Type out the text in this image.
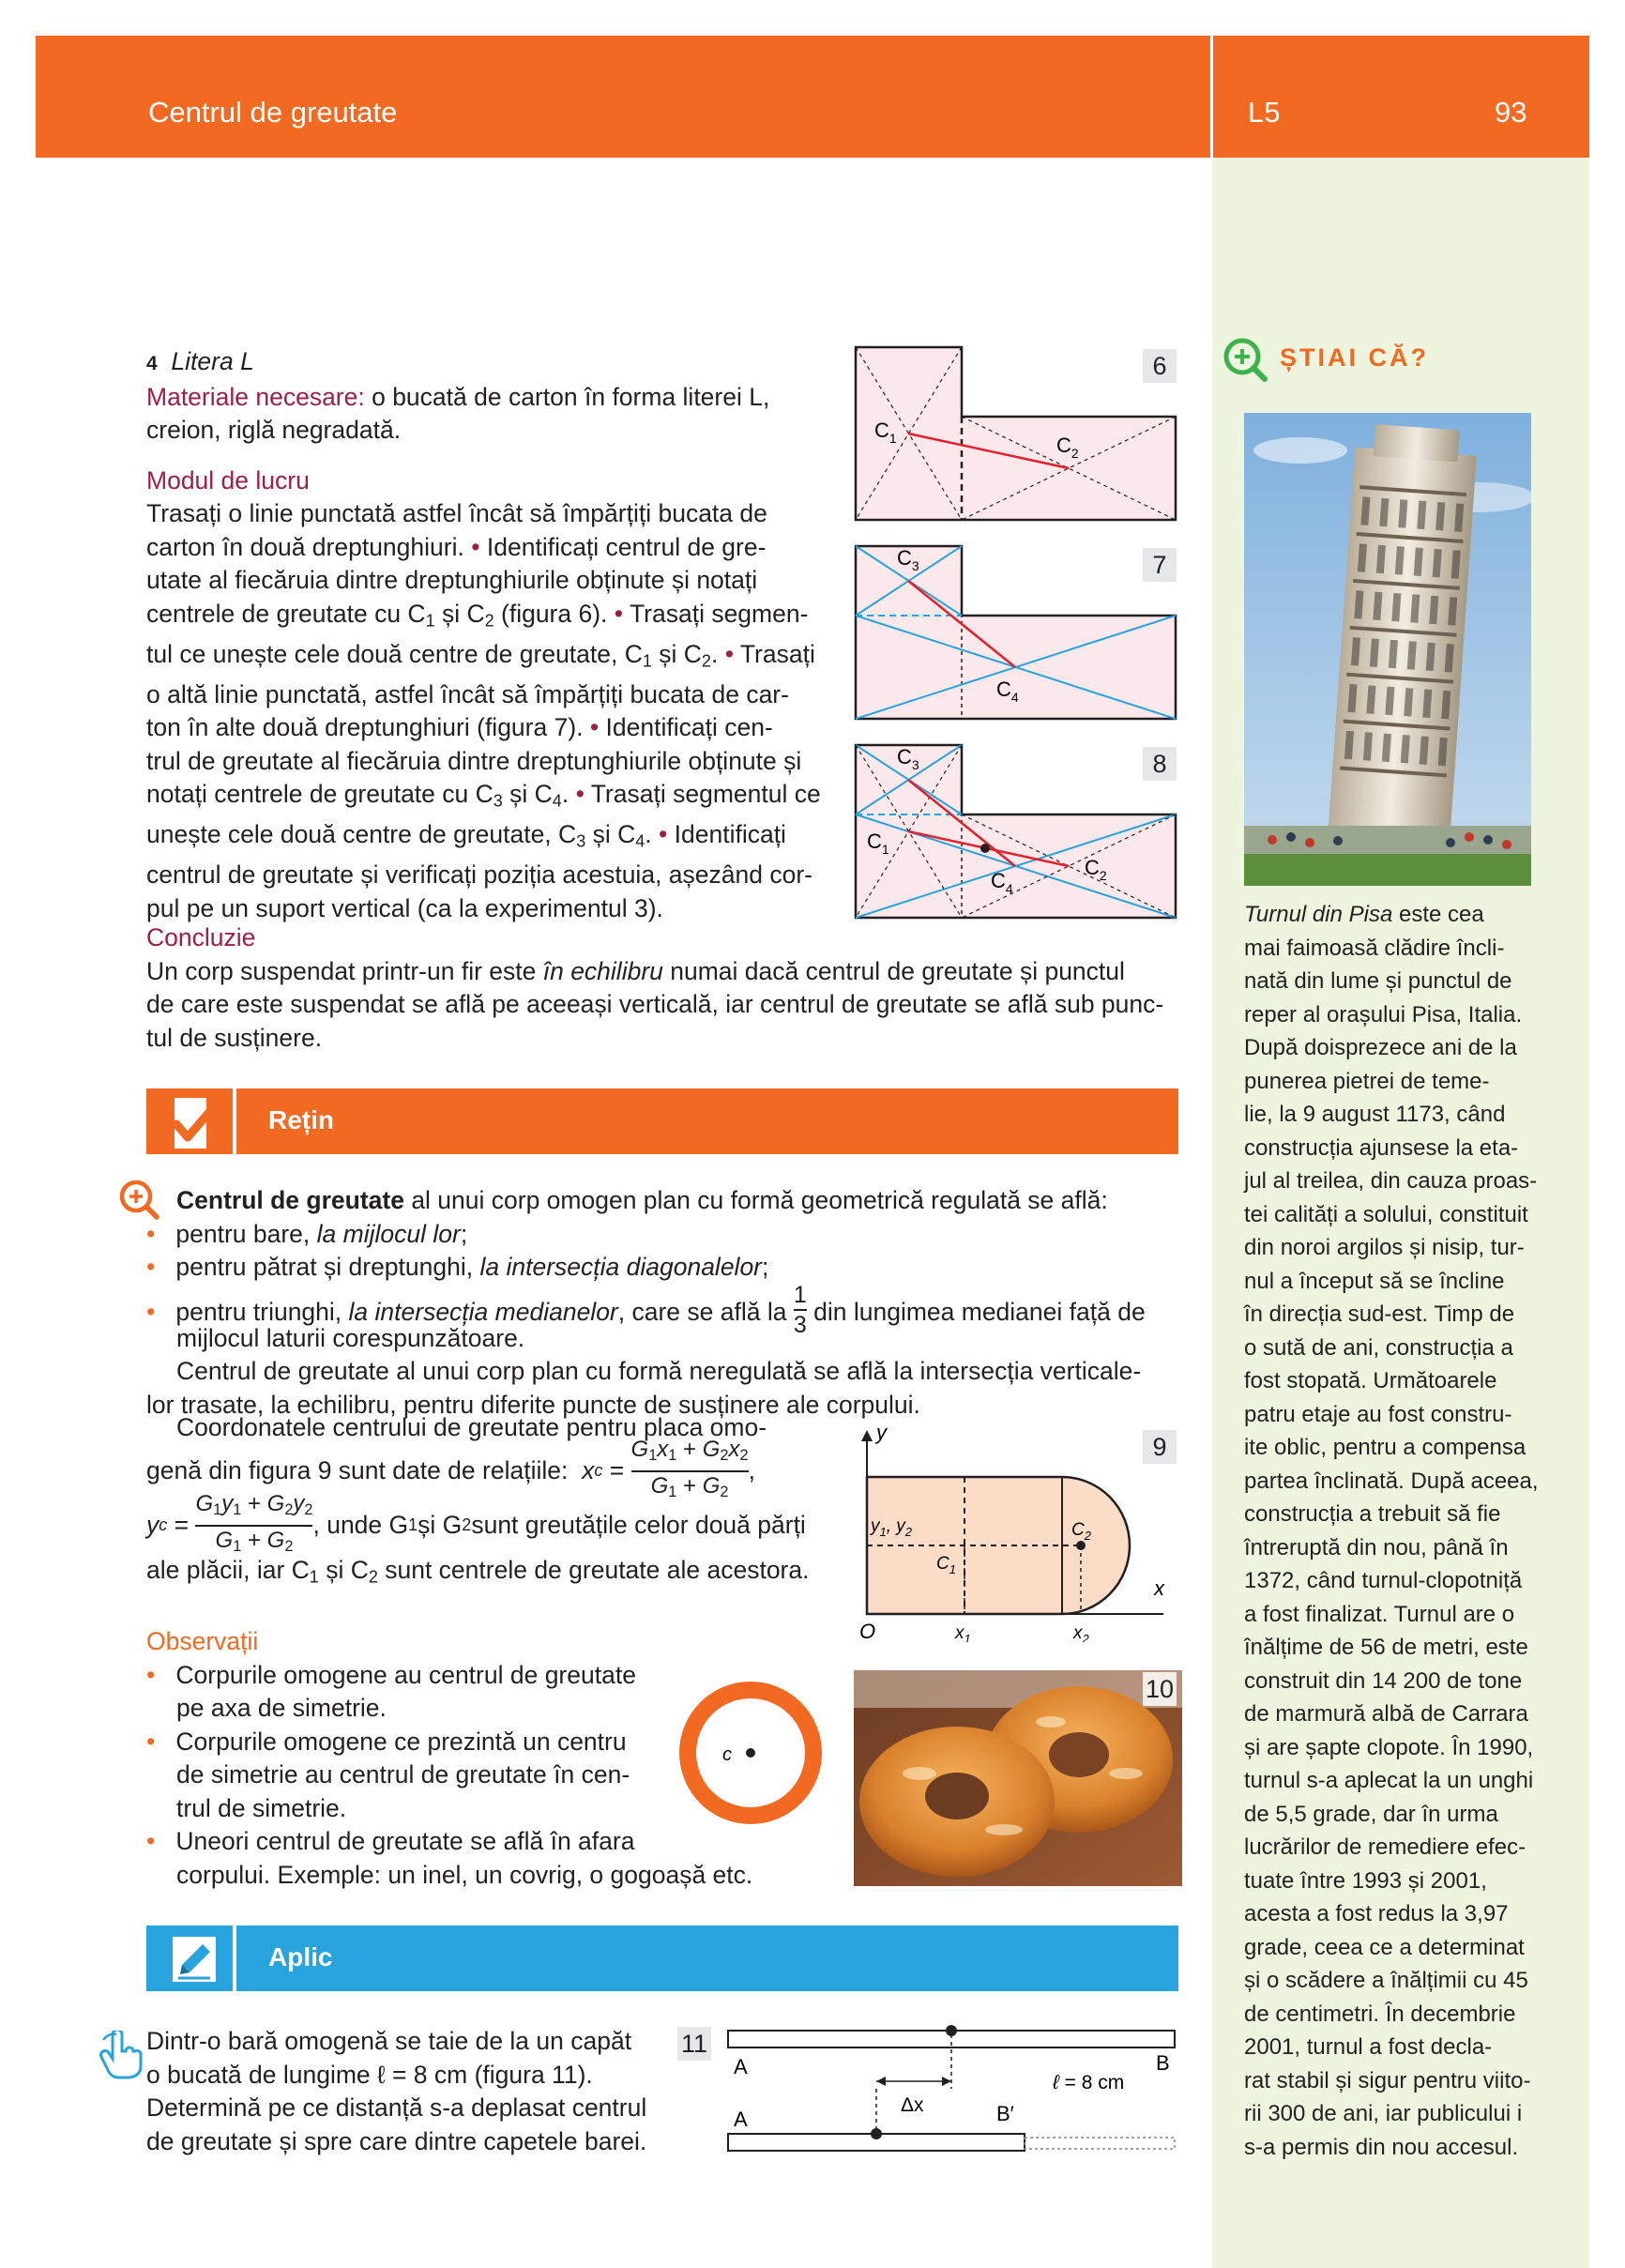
Centrul de greutate	L5	93
ȘTIAI CĂ?
Turnul din Pisa este cea
mai faimoasă clădire încli-
nată din lume și punctul de
reper al orașului Pisa, Italia.
După doisprezece ani de la
punerea pietrei de teme-
lie, la 9 august 1173, când
construcția ajunsese la eta-
jul al treilea, din cauza proas-
tei calități a solului, constituit
din noroi argilos și nisip, tur-
nul a început să se încline
în direcția sud-est. Timp de
o sută de ani, construcția a
fost stopată. Următoarele
patru etaje au fost constru-
ite oblic, pentru a compensa
partea înclinată. După aceea,
construcția a trebuit să fie
întreruptă din nou, până în
1372, când turnul-clopotniță
a fost finalizat. Turnul are o
înălțime de 56 de metri, este
construit din 14 200 de tone
de marmură albă de Carrara
și are șapte clopote. În 1990,
turnul s-a aplecat la un unghi
de 5,5 grade, dar în urma
lucrărilor de remediere efec-
tuate între 1993 și 2001,
acesta a fost redus la 3,97
grade, ceea ce a determinat
și o scădere a înălțimii cu 45
de centimetri. În decembrie
2001, turnul a fost decla-
rat stabil și sigur pentru viito-
rii 300 de ani, iar publicului i
s-a permis din nou accesul.
4 Litera L
Materiale necesare: o bucată de carton în forma literei L,
creion, riglă negradată.
Modul de lucru
Trasați o linie punctată astfel încât să împărțiți bucata de
carton în două dreptunghiuri. • Identificați centrul de gre-
utate al fiecăruia dintre dreptunghiurile obținute și notați
centrele de greutate cu $C_1$ și $C_2$ (figura 6). • Trasați segmen-
tul ce unește cele două centre de greutate, $C_1$ și $C_2$. • Trasați
o altă linie punctată, astfel încât să împărțiți bucata de car-
ton în alte două dreptunghiuri (figura 7). • Identificați cen-
trul de greutate al fiecăruia dintre dreptunghiurile obținute și
notați centrele de greutate cu $C_3$ și $C_4$. • Trasați segmentul ce
unește cele două centre de greutate, $C_3$ și $C_4$. • Identificați
centrul de greutate și verificați poziția acestuia, așezând cor-
pul pe un suport vertical (ca la experimentul 3).
$C_1$	$C_2$
$C_3$
$C_4$
$C_3$
$C_1$
$C_4$
$C_2$
6
7
8
Concluzie
Un corp suspendat printr-un fir este în echilibru numai dacă centrul de greutate și punctul
de care este suspendat se află pe aceeași verticală, iar centrul de greutate se află sub punc-
tul de susținere.
Rețin
Centrul de greutate al unui corp omogen plan cu formă geometrică regulată se află:
• pentru bare, la mijlocul lor;
• pentru pătrat și dreptunghi, la intersecția diagonalelor;
• pentru triunghi, la intersecția medianelor, care se află la $\frac{1}{3}$ din lungimea medianei față de
mijlocul laturii corespunzătoare.
Centrul de greutate al unui corp plan cu formă neregulată se află la intersecția verticale-
lor trasate, la echilibru, pentru diferite puncte de susținere ale corpului.
Coordonatele centrului de greutate pentru placa omo-
genă din figura 9 sunt date de relațiile:
x $c = \frac{G_1x_1 + G_2x_2}{G_1 + G_2}$ ,
y $c = \frac{G_1y_1 + G_2y_2}{G_1 + G_2}$ , unde G 1 și G 2 sunt greutățile celor două părți
ale plăcii, iar $C_1$ și $C_2$ sunt centrele de greutate ale acestora.
y
x
O
$y_1$, $y_2$
$C_1$
$C_2$
$x_1$	$x_2$
9
Observații
• Corpurile omogene au centrul de greutate
pe axa de simetrie.
• Corpurile omogene ce prezintă un centru
de simetrie au centrul de greutate în cen-
trul de simetrie.
• Uneori centrul de greutate se află în afara
corpului. Exemple: un inel, un covrig, o gogoașă etc.
c
10
Aplic
Dintr-o bară omogenă se taie de la un capăt
o bucată de lungime ℓ = 8 cm (figura 11).
Determină pe ce distanță s-a deplasat centrul
de greutate și spre care dintre capetele barei.
11
A	B
A	B′
Δx
ℓ = 8 cm
